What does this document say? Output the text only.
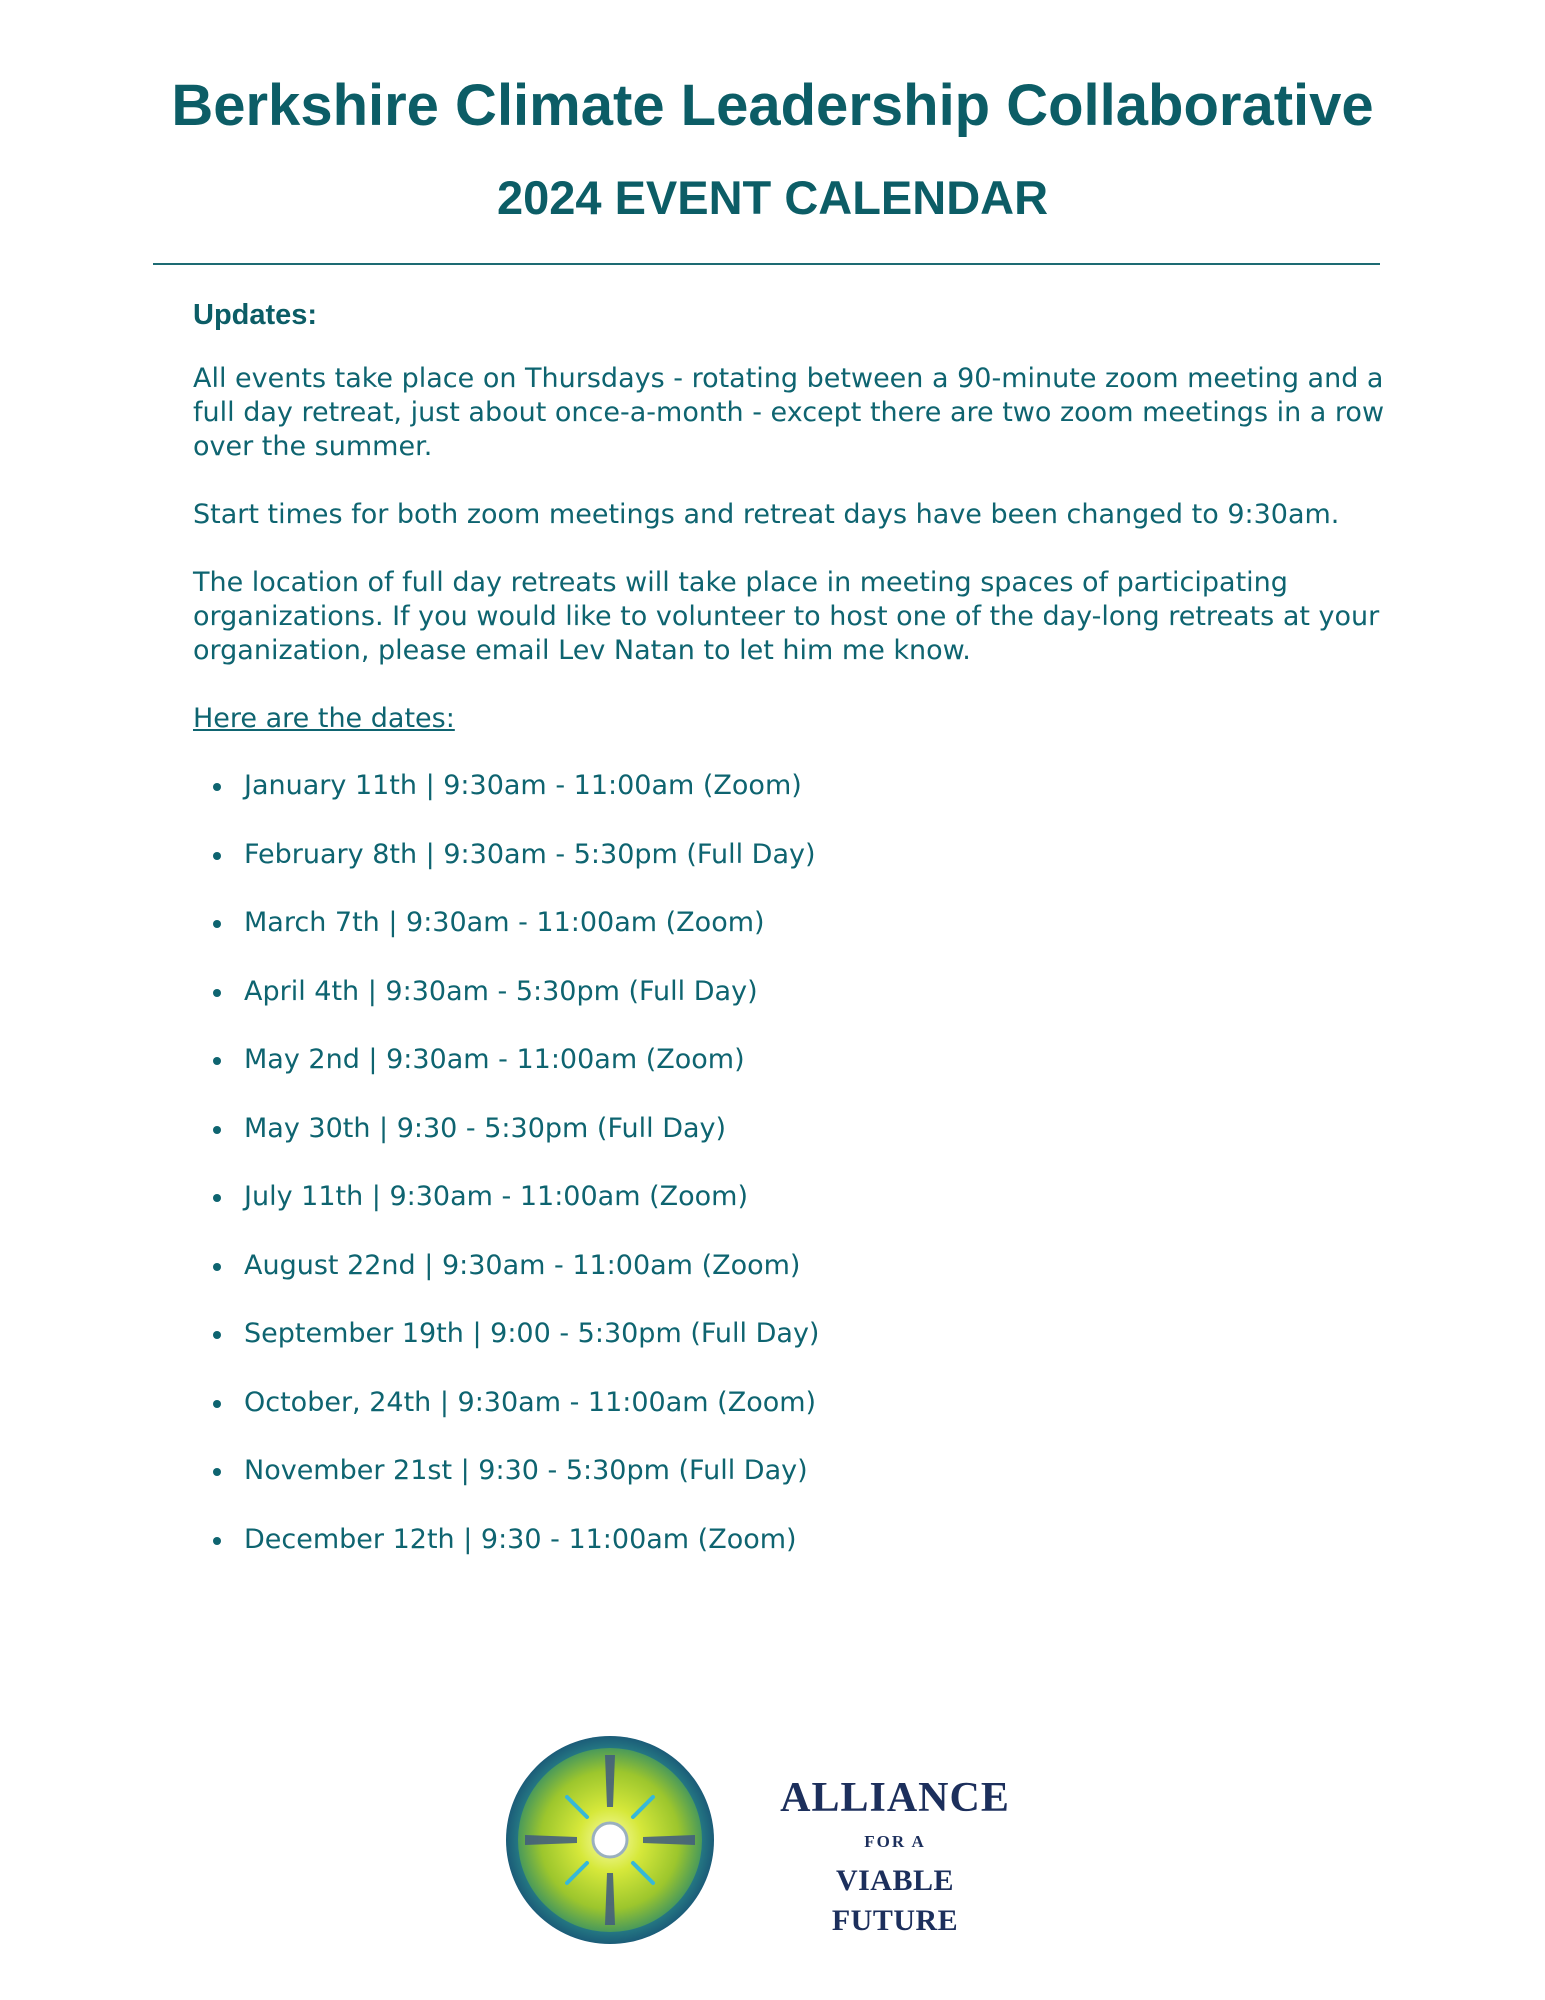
Berkshire Climate Leadership Collaborative
2024 EVENT CALENDAR
Updates:

All events take place on Thursdays - rotating between a 90-minute zoom meeting and a full day retreat, just about once-a-month - except there are two zoom meetings in a row over the summer.

Start times for both zoom meetings and retreat days have been changed to 9:30am.

The location of full day retreats will take place in meeting spaces of participating organizations. If you would like to volunteer to host one of the day-long retreats at your organization, please email Lev Natan to let him me know.

Here are the dates:
January 11th | 9:30am - 11:00am (Zoom)
February 8th | 9:30am - 5:30pm (Full Day)
March 7th | 9:30am - 11:00am (Zoom)
April 4th | 9:30am - 5:30pm (Full Day)
May 2nd | 9:30am - 11:00am (Zoom)
May 30th | 9:30 - 5:30pm (Full Day)
July 11th | 9:30am - 11:00am (Zoom)
August 22nd | 9:30am - 11:00am (Zoom)
September 19th | 9:00 - 5:30pm (Full Day)
October, 24th | 9:30am - 11:00am (Zoom)
November 21st | 9:30 - 5:30pm (Full Day)
December 12th | 9:30 - 11:00am (Zoom)
ALLIANCE
FOR A
VIABLE FUTURE
